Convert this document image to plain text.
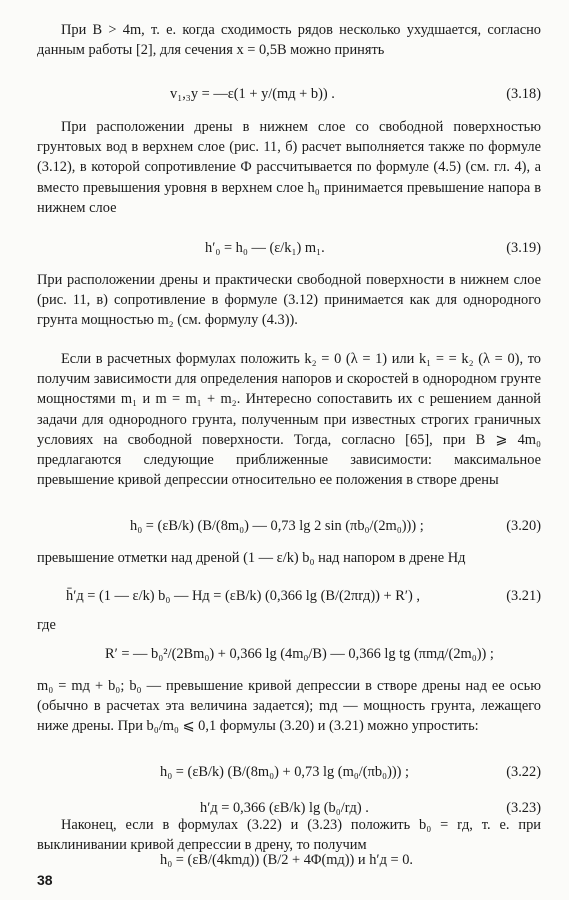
При B > 4m, т. е. когда сходимость рядов несколько ухудшается, согласно данным работы [2], для сечения x = 0,5B можно принять
v₁,₃y = —ε(1 + y/(mд + b)) .	(3.18)
При расположении дрены в нижнем слое со свободной поверхностью грунтовых вод в верхнем слое (рис. 11, б) расчет выполняется также по формуле (3.12), в которой сопротивление Ф рассчитывается по формуле (4.5) (см. гл. 4), а вместо превышения уровня в верхнем слое h₀ принимается превышение напора в нижнем слое
h′₀ = h₀ — (ε/k₁) m₁.	(3.19)
При расположении дрены и практически свободной поверхности в нижнем слое (рис. 11, в) сопротивление в формуле (3.12) принимается как для однородного грунта мощностью m₂ (см. формулу (4.3)).
Если в расчетных формулах положить k₂ = 0 (λ = 1) или k₁ = = k₂ (λ = 0), то получим зависимости для определения напоров и скоростей в однородном грунте мощностями m₁ и m = m₁ + m₂. Интересно сопоставить их с решением данной задачи для однородного грунта, полученным при известных строгих граничных условиях на свободной поверхности. Тогда, согласно [65], при B ⩾ 4m₀ предлагаются следующие приближенные зависимости: максимальное превышение кривой депрессии относительно ее положения в створе дрены
h₀ = (εB/k) (B/(8m₀) — 0,73 lg 2 sin (πb₀/(2m₀))) ;	(3.20)
превышение отметки над дреной (1 — ε/k) b₀ над напором в дрене Hд
h̄′д = (1 — ε/k) b₀ — Hд = (εB/k) (0,366 lg (B/(2πrд)) + R′) ,	(3.21)
где
R′ = — b₀²/(2Bm₀) + 0,366 lg (4m₀/B) — 0,366 lg tg (πmд/(2m₀)) ;
m₀ = mд + b₀; b₀ — превышение кривой депрессии в створе дрены над ее осью (обычно в расчетах эта величина задается); mд — мощность грунта, лежащего ниже дрены. При b₀/m₀ ⩽ 0,1 формулы (3.20) и (3.21) можно упростить:
h₀ = (εB/k) (B/(8m₀) + 0,73 lg (m₀/(πb₀))) ;	(3.22)
h′д = 0,366 (εB/k) lg (b₀/rд) .	(3.23)
Наконец, если в формулах (3.22) и (3.23) положить b₀ = rд, т. е. при выклинивании кривой депрессии в дрену, то получим
h₀ = (εB/(4kmд)) (B/2 + 4Φ(mд)) и h′д = 0.
38
